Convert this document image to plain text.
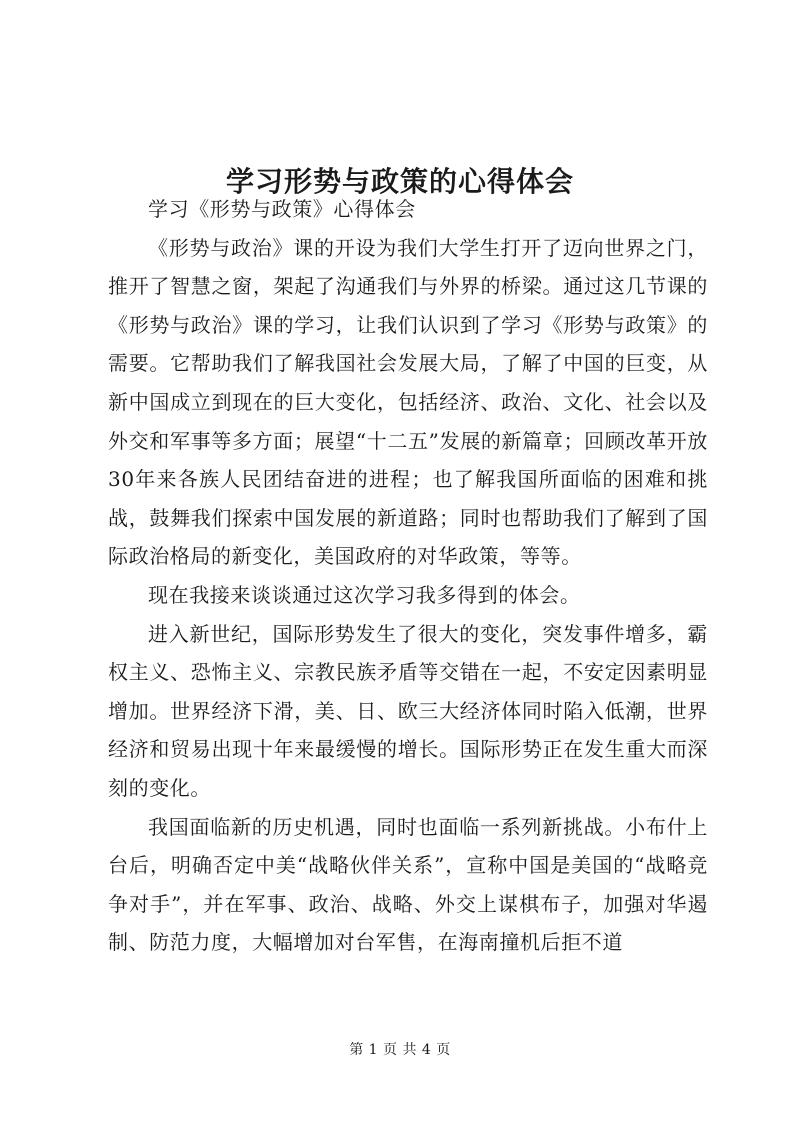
学习形势与政策的心得体会

学习《形势与政策》心得体会

《形势与政治》课的开设为我们大学生打开了迈向世界之门，推开了智慧之窗，架起了沟通我们与外界的桥梁。通过这几节课的《形势与政治》课的学习，让我们认识到了学习《形势与政策》的需要。它帮助我们了解我国社会发展大局，了解了中国的巨变，从新中国成立到现在的巨大变化，包括经济、政治、文化、社会以及外交和军事等多方面；展望“十二五”发展的新篇章；回顾改革开放30年来各族人民团结奋进的进程；也了解我国所面临的困难和挑战，鼓舞我们探索中国发展的新道路；同时也帮助我们了解到了国际政治格局的新变化，美国政府的对华政策，等等。

现在我接来谈谈通过这次学习我多得到的体会。

进入新世纪，国际形势发生了很大的变化，突发事件增多，霸权主义、恐怖主义、宗教民族矛盾等交错在一起，不安定因素明显增加。世界经济下滑，美、日、欧三大经济体同时陷入低潮，世界经济和贸易出现十年来最缓慢的增长。国际形势正在发生重大而深刻的变化。

我国面临新的历史机遇，同时也面临一系列新挑战。小布什上台后，明确否定中美“战略伙伴关系”，宣称中国是美国的“战略竞争对手”，并在军事、政治、战略、外交上谋棋布子，加强对华遏制、防范力度，大幅增加对台军售，在海南撞机后拒不道

第 1 页 共 4 页
